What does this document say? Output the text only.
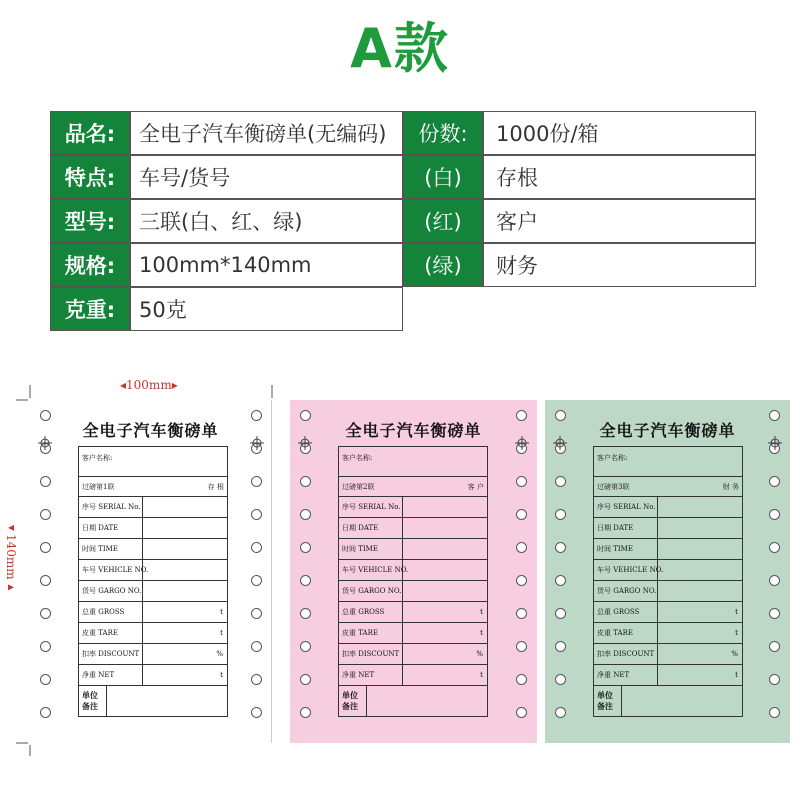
A款
品名:	全电子汽车衡磅单(无编码)	份数:	1000份/箱
特点:	车号/货号	(白)	存根
型号:	三联(白、红、绿)	(红)	客户
规格:	100mm*140mm	(绿)	财务
克重:	50克
◂100mm▸
◂140mm▸
全电子汽车衡磅单
客户名称:
过磅第1联	存 根
序号 SERIAL No.
日期 DATE
时间 TIME
车号 VEHICLE NO.
货号 GARGO NO.
总重 GROSS	t
皮重 TARE	t
扣率 DISCOUNT	%
净重 NET	t
单位
备注
全电子汽车衡磅单
客户名称:
过磅第2联	客 户
序号 SERIAL No.
日期 DATE
时间 TIME
车号 VEHICLE NO.
货号 GARGO NO.
总重 GROSS	t
皮重 TARE	t
扣率 DISCOUNT	%
净重 NET	t
单位
备注
全电子汽车衡磅单
客户名称:
过磅第3联	财 务
序号 SERIAL No.
日期 DATE
时间 TIME
车号 VEHICLE NO.
货号 GARGO NO.
总重 GROSS	t
皮重 TARE	t
扣率 DISCOUNT	%
净重 NET	t
单位
备注
